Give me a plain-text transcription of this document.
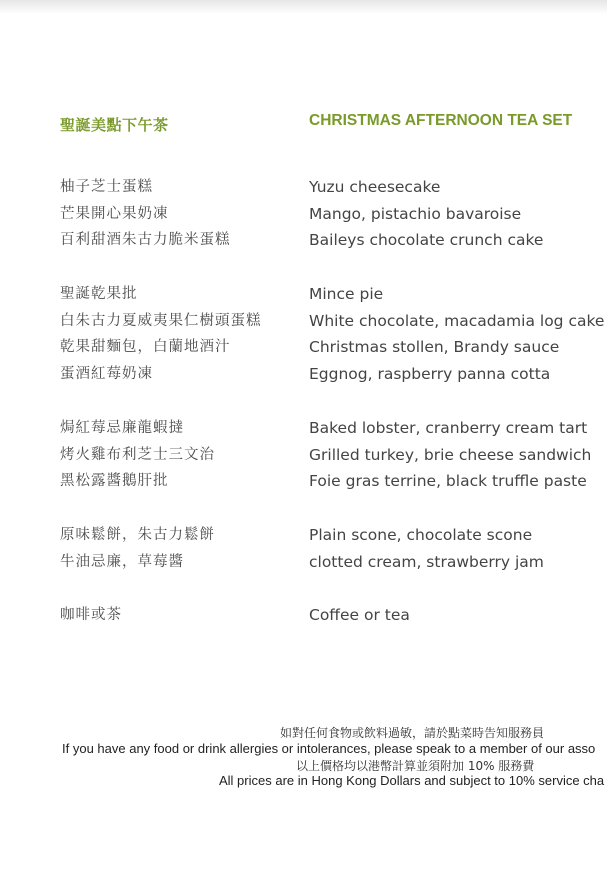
聖誕美點下午茶	CHRISTMAS AFTERNOON TEA SET
柚子芝士蛋糕
芒果開心果奶凍
百利甜酒朱古力脆米蛋糕
聖誕乾果批
白朱古力夏威夷果仁樹頭蛋糕
乾果甜麵包，白蘭地酒汁
蛋酒紅莓奶凍
焗紅莓忌廉龍蝦撻
烤火雞布利芝士三文治
黑松露醬鵝肝批
原味鬆餅，朱古力鬆餅
牛油忌廉，草莓醬
咖啡或茶
Yuzu cheesecake
Mango, pistachio bavaroise
Baileys chocolate crunch cake
Mince pie
White chocolate, macadamia log cake
Christmas stollen, Brandy sauce
Eggnog, raspberry panna cotta
Baked lobster, cranberry cream tart
Grilled turkey, brie cheese sandwich
Foie gras terrine, black truffle paste
Plain scone, chocolate scone
clotted cream, strawberry jam
Coffee or tea
如對任何食物或飲料過敏，請於點菜時告知服務員
If you have any food or drink allergies or intolerances, please speak to a member of our asso
以上價格均以港幣計算並須附加 10% 服務費
All prices are in Hong Kong Dollars and subject to 10% service cha
